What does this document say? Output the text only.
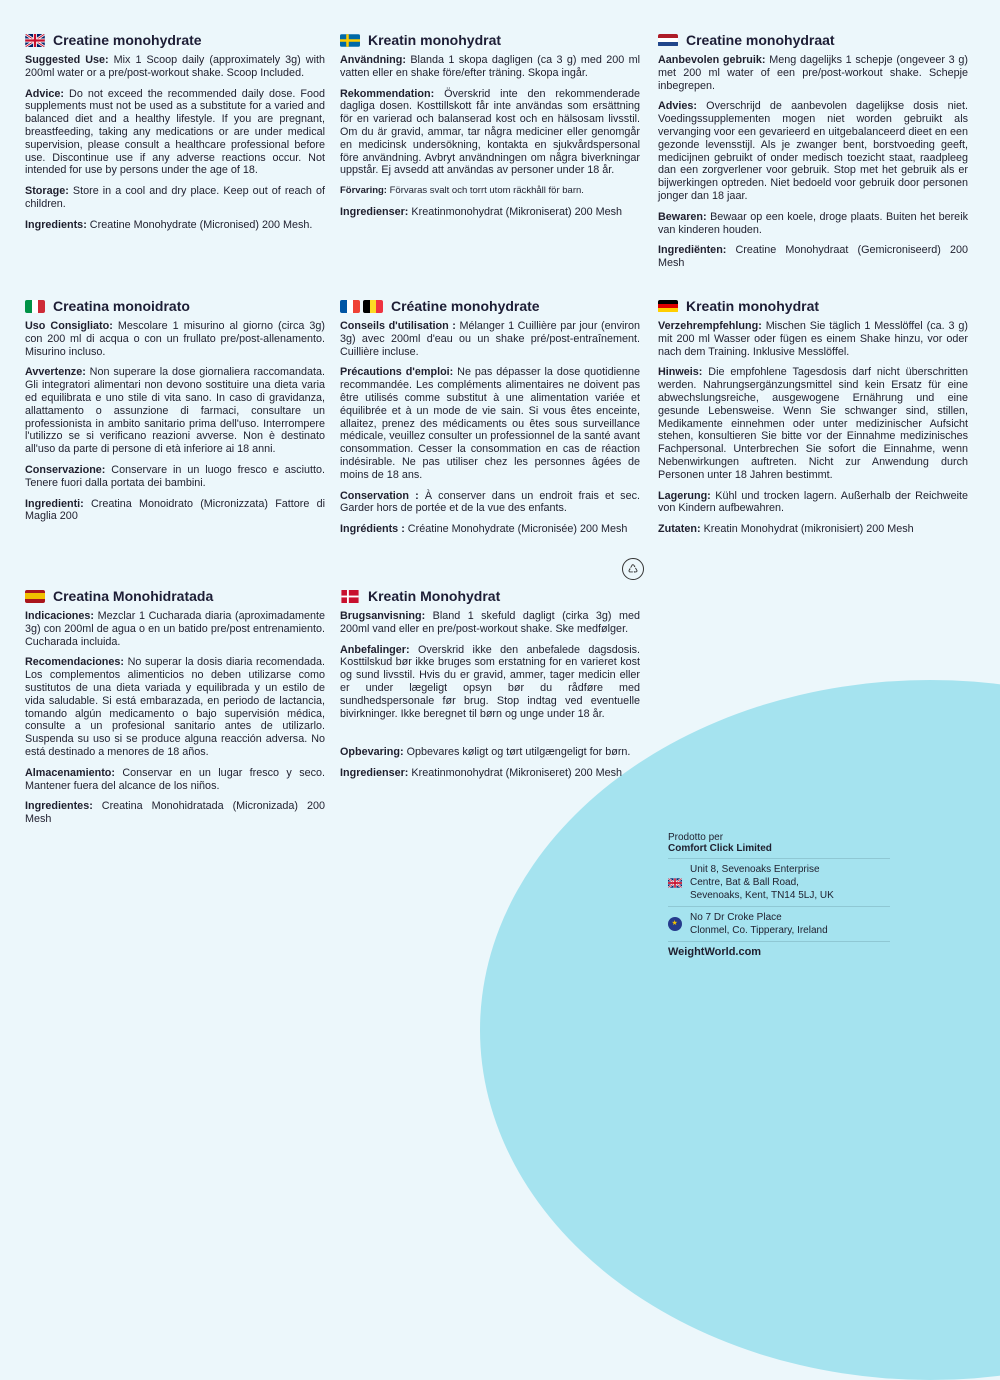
Creatine monohydrate

Suggested Use: Mix 1 Scoop daily (approximately 3g) with 200ml water or a pre/post-workout shake. Scoop Included.

Advice: Do not exceed the recommended daily dose. Food supplements must not be used as a substitute for a varied and balanced diet and a healthy lifestyle. If you are pregnant, breastfeeding, taking any medications or are under medical supervision, please consult a healthcare professional before use. Discontinue use if any adverse reactions occur. Not intended for use by persons under the age of 18.

Storage: Store in a cool and dry place. Keep out of reach of children.

Ingredients: Creatine Monohydrate (Micronised) 200 Mesh.

Kreatin monohydrat

Användning: Blanda 1 skopa dagligen (ca 3 g) med 200 ml vatten eller en shake före/efter träning. Skopa ingår.

Rekommendation: Överskrid inte den rekommenderade dagliga dosen. Kosttillskott får inte användas som ersättning för en varierad och balanserad kost och en hälsosam livsstil. Om du är gravid, ammar, tar några mediciner eller genomgår en medicinsk undersökning, kontakta en sjukvårdspersonal före användning. Avbryt användningen om några biverkningar uppstår. Ej avsedd att användas av personer under 18 år.

Förvaring: Förvaras svalt och torrt utom räckhåll för barn.

Ingredienser: Kreatinmonohydrat (Mikroniserat) 200 Mesh

Creatine monohydraat

Aanbevolen gebruik: Meng dagelijks 1 schepje (ongeveer 3 g) met 200 ml water of een pre/post-workout shake. Schepje inbegrepen.

Advies: Overschrijd de aanbevolen dagelijkse dosis niet. Voedingssupplementen mogen niet worden gebruikt als vervanging voor een gevarieerd en uitgebalanceerd dieet en een gezonde levensstijl. Als je zwanger bent, borstvoeding geeft, medicijnen gebruikt of onder medisch toezicht staat, raadpleeg dan een zorgverlener voor gebruik. Stop met het gebruik als er bijwerkingen optreden. Niet bedoeld voor gebruik door personen jonger dan 18 jaar.

Bewaren: Bewaar op een koele, droge plaats. Buiten het bereik van kinderen houden.

Ingrediënten: Creatine Monohydraat (Gemicroniseerd) 200 Mesh

Creatina monoidrato

Uso Consigliato: Mescolare 1 misurino al giorno (circa 3g) con 200 ml di acqua o con un frullato pre/post-allenamento. Misurino incluso.

Avvertenze: Non superare la dose giornaliera raccomandata. Gli integratori alimentari non devono sostituire una dieta varia ed equilibrata e uno stile di vita sano. In caso di gravidanza, allattamento o assunzione di farmaci, consultare un professionista in ambito sanitario prima dell'uso. Interrompere l'utilizzo se si verificano reazioni avverse. Non è destinato all'uso da parte di persone di età inferiore ai 18 anni.

Conservazione: Conservare in un luogo fresco e asciutto. Tenere fuori dalla portata dei bambini.

Ingredienti: Creatina Monoidrato (Micronizzata) Fattore di Maglia 200

Créatine monohydrate

Conseils d'utilisation : Mélanger 1 Cuillière par jour (environ 3g) avec 200ml d'eau ou un shake pré/post-entraînement. Cuillière incluse.

Précautions d'emploi: Ne pas dépasser la dose quotidienne recommandée. Les compléments alimentaires ne doivent pas être utilisés comme substitut à une alimentation variée et équilibrée et à un mode de vie sain. Si vous êtes enceinte, allaitez, prenez des médicaments ou êtes sous surveillance médicale, veuillez consulter un professionnel de la santé avant consommation. Cesser la consommation en cas de réaction indésirable. Ne pas utiliser chez les personnes âgées de moins de 18 ans.

Conservation : À conserver dans un endroit frais et sec. Garder hors de portée et de la vue des enfants.

Ingrédients : Créatine Monohydrate (Micronisée) 200 Mesh

Kreatin monohydrat

Verzehrempfehlung: Mischen Sie täglich 1 Messlöffel (ca. 3 g) mit 200 ml Wasser oder fügen es einem Shake hinzu, vor oder nach dem Training. Inklusive Messlöffel.

Hinweis: Die empfohlene Tagesdosis darf nicht überschritten werden. Nahrungsergänzungsmittel sind kein Ersatz für eine abwechslungsreiche, ausgewogene Ernährung und eine gesunde Lebensweise. Wenn Sie schwanger sind, stillen, Medikamente einnehmen oder unter medizinischer Aufsicht stehen, konsultieren Sie bitte vor der Einnahme medizinisches Fachpersonal. Unterbrechen Sie sofort die Einnahme, wenn Nebenwirkungen auftreten. Nicht zur Anwendung durch Personen unter 18 Jahren bestimmt.

Lagerung: Kühl und trocken lagern. Außerhalb der Reichweite von Kindern aufbewahren.

Zutaten: Kreatin Monohydrat (mikronisiert) 200 Mesh

Creatina Monohidratada

Indicaciones: Mezclar 1 Cucharada diaria (aproximadamente 3g) con 200ml de agua o en un batido pre/post entrenamiento. Cucharada incluida.

Recomendaciones: No superar la dosis diaria recomendada. Los complementos alimenticios no deben utilizarse como sustitutos de una dieta variada y equilibrada y un estilo de vida saludable. Si está embarazada, en periodo de lactancia, tomando algún medicamento o bajo supervisión médica, consulte a un profesional sanitario antes de utilizarlo. Suspenda su uso si se produce alguna reacción adversa. No está destinado a menores de 18 años.

Almacenamiento: Conservar en un lugar fresco y seco. Mantener fuera del alcance de los niños.

Ingredientes: Creatina Monohidratada (Micronizada) 200 Mesh

Kreatin Monohydrat

Brugsanvisning: Bland 1 skefuld dagligt (cirka 3g) med 200ml vand eller en pre/post-workout shake. Ske medfølger.

Anbefalinger: Overskrid ikke den anbefalede dagsdosis. Kosttilskud bør ikke bruges som erstatning for en varieret kost og sund livsstil. Hvis du er gravid, ammer, tager medicin eller er under lægeligt opsyn bør du rådføre med sundhedspersonale før brug. Stop indtag ved eventuelle bivirkninger. Ikke beregnet til børn og unge under 18 år.

Opbevaring: Opbevares køligt og tørt utilgængeligt for børn.

Ingredienser: Kreatinmonohydrat (Mikroniseret) 200 Mesh

♺
Prodotto per
Comfort Click Limited
Unit 8, Sevenoaks Enterprise
Centre, Bat & Ball Road,
Sevenoaks, Kent, TN14 5LJ, UK
★
No 7 Dr Croke Place
Clonmel, Co. Tipperary, Ireland
WeightWorld.com
